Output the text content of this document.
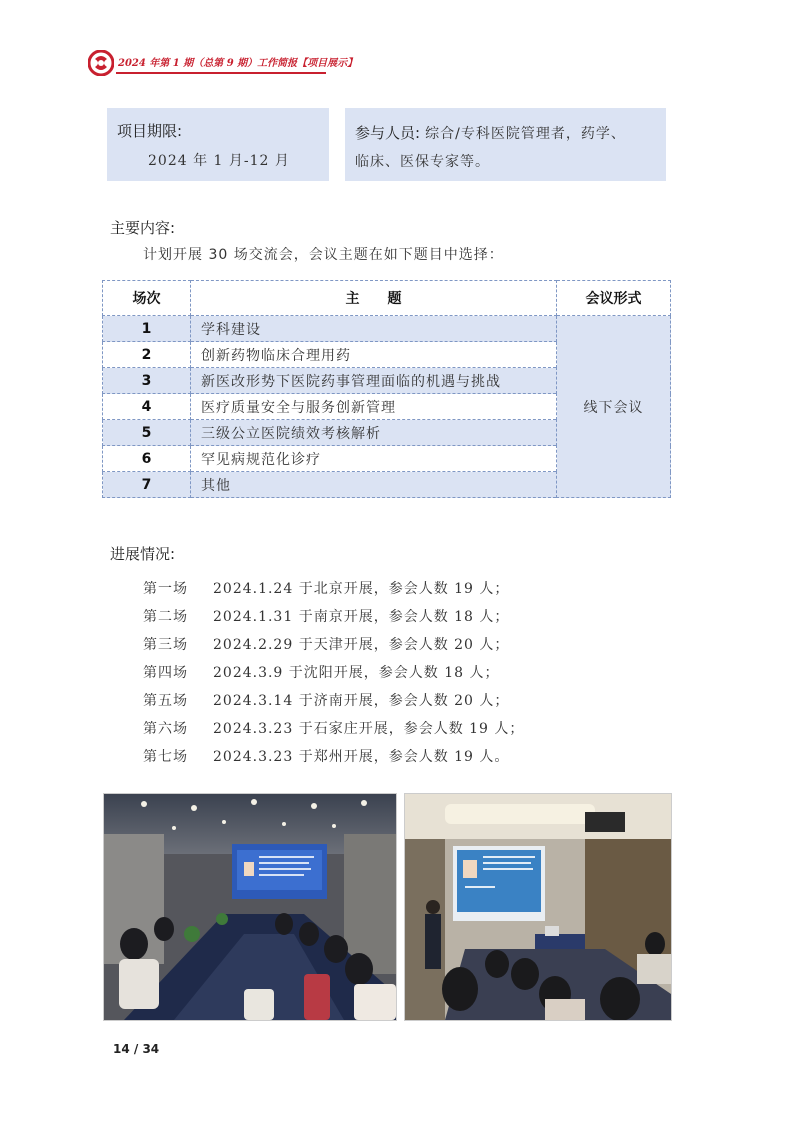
2024 年第 1 期（总第 9 期）工作简报【项目展示】
项目期限:
2024 年 1 月-12 月
参与人员: 综合/专科医院管理者，药学、
临床、医保专家等。
主要内容:
计划开展 30 场交流会，会议主题在如下题目中选择：
场次	主　　题	会议形式
1	学科建设	线下会议
2	创新药物临床合理用药	
3	新医改形势下医院药事管理面临的机遇与挑战	
4	医疗质量安全与服务创新管理	
5	三级公立医院绩效考核解析	
6	罕见病规范化诊疗	
7	其他	
进展情况:
第一场 2024.1.24 于北京开展，参会人数 19 人；
第二场 2024.1.31 于南京开展，参会人数 18 人；
第三场 2024.2.29 于天津开展，参会人数 20 人；
第四场 2024.3.9 于沈阳开展，参会人数 18 人；
第五场 2024.3.14 于济南开展，参会人数 20 人；
第六场 2024.3.23 于石家庄开展，参会人数 19 人；
第七场 2024.3.23 于郑州开展，参会人数 19 人。
14 / 34
